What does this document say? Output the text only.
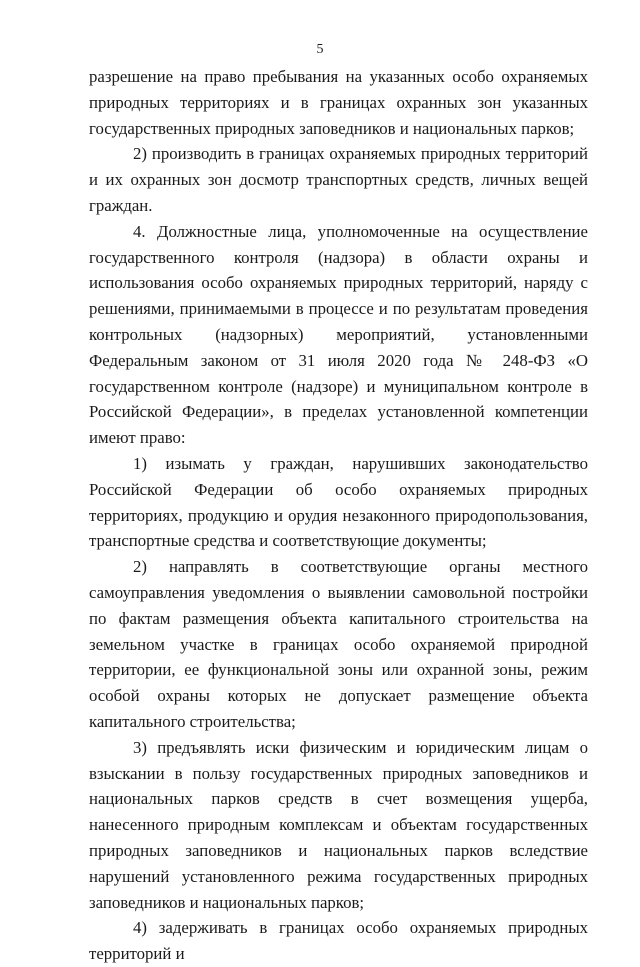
5

разрешение на право пребывания на указанных особо охраняемых природных территориях и в границах охранных зон указанных государственных природных заповедников и национальных парков;

2) производить в границах охраняемых природных территорий и их охранных зон досмотр транспортных средств, личных вещей граждан.

4. Должностные лица, уполномоченные на осуществление государственного контроля (надзора) в области охраны и использования особо охраняемых природных территорий, наряду с решениями, принимаемыми в процессе и по результатам проведения контрольных (надзорных) мероприятий, установленными Федеральным законом от 31 июля 2020 года № 248-ФЗ «О государственном контроле (надзоре) и муниципальном контроле в Российской Федерации», в пределах установленной компетенции имеют право:

1) изымать у граждан, нарушивших законодательство Российской Федерации об особо охраняемых природных территориях, продукцию и орудия незаконного природопользования, транспортные средства и соответствующие документы;

2) направлять в соответствующие органы местного самоуправления уведомления о выявлении самовольной постройки по фактам размещения объекта капитального строительства на земельном участке в границах особо охраняемой природной территории, ее функциональной зоны или охранной зоны, режим особой охраны которых не допускает размещение объекта капитального строительства;

3) предъявлять иски физическим и юридическим лицам о взыскании в пользу государственных природных заповедников и национальных парков средств в счет возмещения ущерба, нанесенного природным комплексам и объектам государственных природных заповедников и национальных парков вследствие нарушений установленного режима государственных природных заповедников и национальных парков;

4) задерживать в границах особо охраняемых природных территорий и
